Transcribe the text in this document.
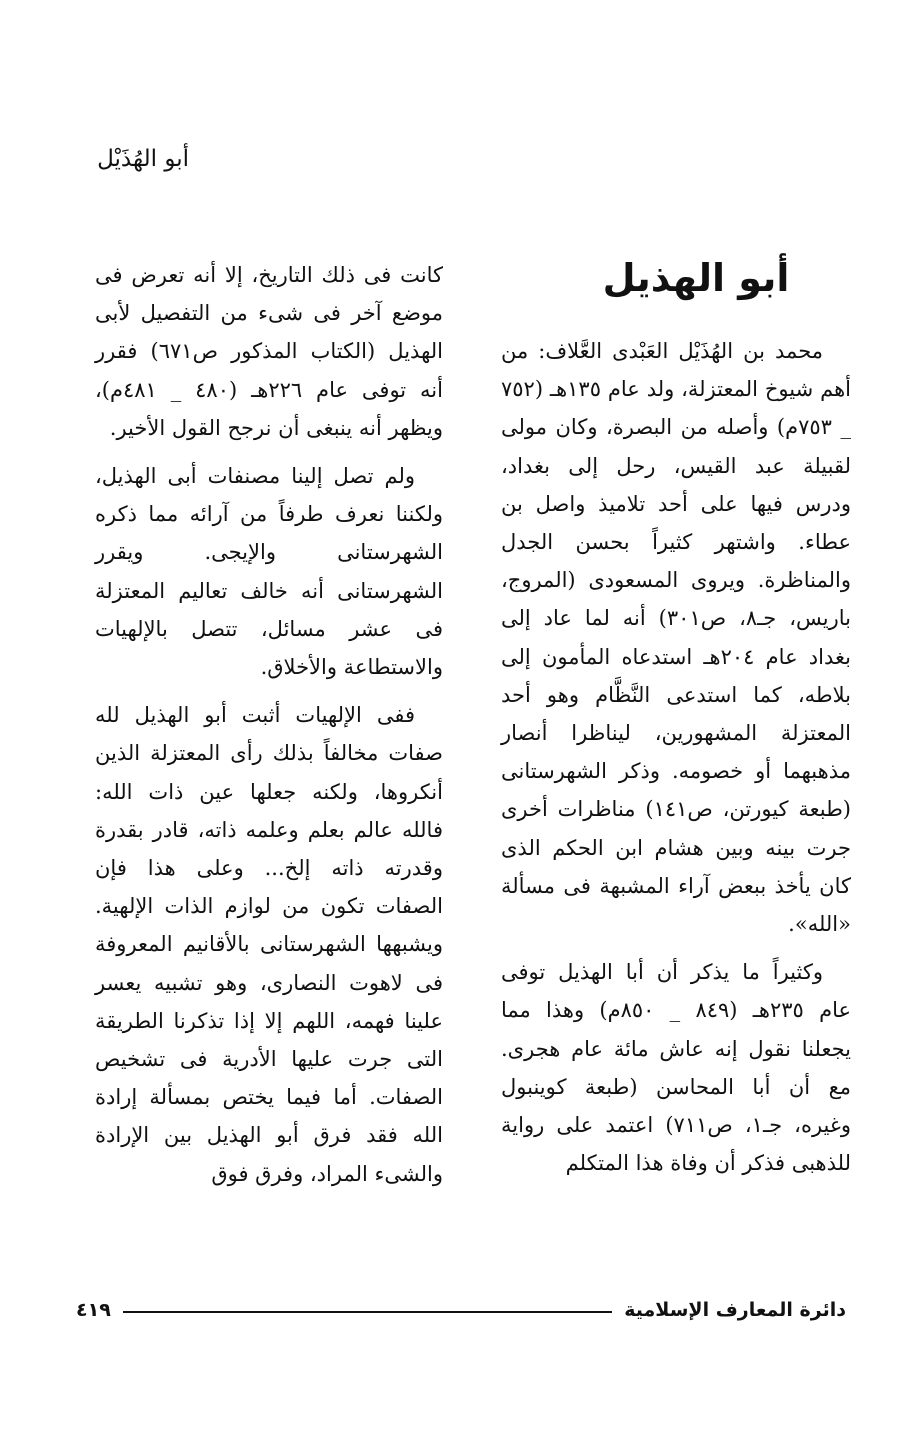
أبو الهُذَيْل
أبو الهذيل

محمد بن الهُذَيْل العَبْدى العَّلاف: من أهم شيوخ المعتزلة، ولد عام ١٣٥هـ (٧٥٢ _ ٧٥٣م) وأصله من البصرة، وكان مولى لقبيلة عبد القيس، رحل إلى بغداد، ودرس فيها على أحد تلاميذ واصل بن عطاء. واشتهر كثيراً بحسن الجدل والمناظرة. ويروى المسعودى (المروج، باريس، جـ٨، ص٣٠١) أنه لما عاد إلى بغداد عام ٢٠٤هـ استدعاه المأمون إلى بلاطه، كما استدعى النَّظَّام وهو أحد المعتزلة المشهورين، ليناظرا أنصار مذهبهما أو خصومه. وذكر الشهرستانى (طبعة كيورتن، ص١٤١) مناظرات أخرى جرت بينه وبين هشام ابن الحكم الذى كان يأخذ ببعض آراء المشبهة فى مسألة «الله».

وكثيراً ما يذكر أن أبا الهذيل توفى عام ٢٣٥هـ (٨٤٩ _ ٨٥٠م) وهذا مما يجعلنا نقول إنه عاش مائة عام هجرى. مع أن أبا المحاسن (طبعة كوينبول وغيره، جـ١، ص٧١١) اعتمد على رواية للذهبى فذكر أن وفاة هذا المتكلم

كانت فى ذلك التاريخ، إلا أنه تعرض فى موضع آخر فى شىء من التفصيل لأبى الهذيل (الكتاب المذكور ص٦٧١) فقرر أنه توفى عام ٢٢٦هـ (٤٨٠ _ ٤٨١م)، ويظهر أنه ينبغى أن نرجح القول الأخير.

ولم تصل إلينا مصنفات أبى الهذيل، ولكننا نعرف طرفاً من آرائه مما ذكره الشهرستانى والإيجى. ويقرر الشهرستانى أنه خالف تعاليم المعتزلة فى عشر مسائل، تتصل بالإلهيات والاستطاعة والأخلاق.

ففى الإلهيات أثبت أبو الهذيل لله صفات مخالفاً بذلك رأى المعتزلة الذين أنكروها، ولكنه جعلها عين ذات الله: فالله عالم بعلم وعلمه ذاته، قادر بقدرة وقدرته ذاته إلخ... وعلى هذا فإن الصفات تكون من لوازم الذات الإلهية. ويشبهها الشهرستانى بالأقانيم المعروفة فى لاهوت النصارى، وهو تشبيه يعسر علينا فهمه، اللهم إلا إذا تذكرنا الطريقة التى جرت عليها الأدرية فى تشخيص الصفات. أما فيما يختص بمسألة إرادة الله فقد فرق أبو الهذيل بين الإرادة والشىء المراد، وفرق فوق

دائرة المعارف الإسلامية
٤١٩
